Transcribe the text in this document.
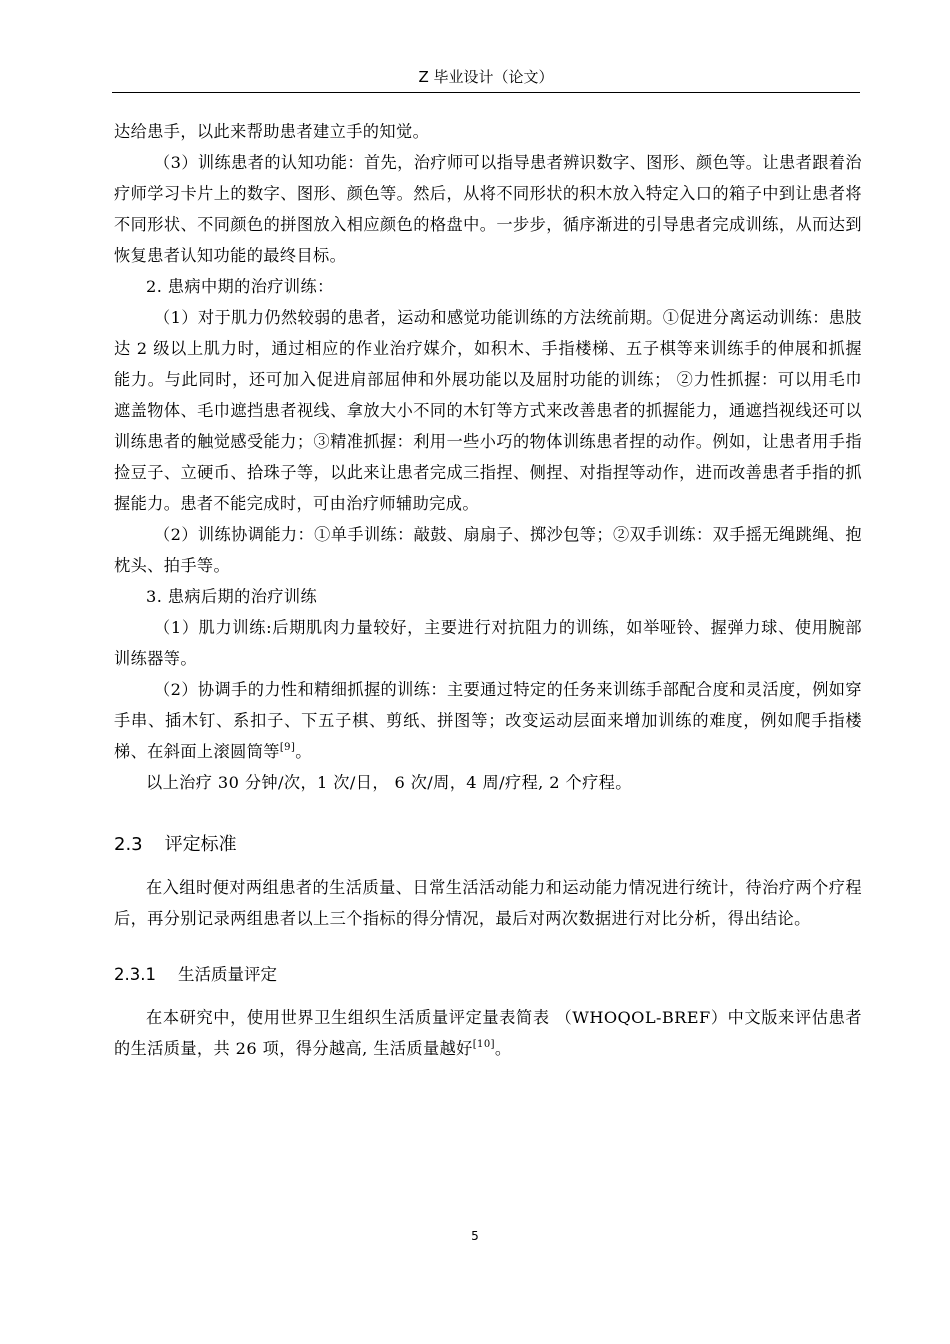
Z 毕业设计（论文）

达给患手，以此来帮助患者建立手的知觉。

（3）训练患者的认知功能：首先，治疗师可以指导患者辨识数字、图形、颜色等。让患者跟着治疗师学习卡片上的数字、图形、颜色等。然后，从将不同形状的积木放入特定入口的箱子中到让患者将不同形状、不同颜色的拼图放入相应颜色的格盘中。一步步，循序渐进的引导患者完成训练，从而达到恢复患者认知功能的最终目标。

2. 患病中期的治疗训练：

（1）对于肌力仍然较弱的患者，运动和感觉功能训练的方法统前期。①促进分离运动训练：患肢达 2 级以上肌力时，通过相应的作业治疗媒介，如积木、手指楼梯、五子棋等来训练手的伸展和抓握能力。与此同时，还可加入促进肩部屈伸和外展功能以及屈肘功能的训练； ②力性抓握：可以用毛巾遮盖物体、毛巾遮挡患者视线、拿放大小不同的木钉等方式来改善患者的抓握能力，通遮挡视线还可以训练患者的触觉感受能力；③精准抓握：利用一些小巧的物体训练患者捏的动作。例如，让患者用手指捡豆子、立硬币、拾珠子等，以此来让患者完成三指捏、侧捏、对指捏等动作，进而改善患者手指的抓握能力。患者不能完成时，可由治疗师辅助完成。

（2）训练协调能力：①单手训练：敲鼓、扇扇子、掷沙包等；②双手训练：双手摇无绳跳绳、抱枕头、拍手等。

3. 患病后期的治疗训练

（1）肌力训练:后期肌肉力量较好，主要进行对抗阻力的训练，如举哑铃、握弹力球、使用腕部训练器等。

（2）协调手的力性和精细抓握的训练：主要通过特定的任务来训练手部配合度和灵活度，例如穿手串、插木钉、系扣子、下五子棋、剪纸、拼图等；改变运动层面来增加训练的难度，例如爬手指楼梯、在斜面上滚圆筒等[9]。

以上治疗 30 分钟/次，1 次/日， 6 次/周，4 周/疗程, 2 个疗程。

2.3 评定标准

在入组时便对两组患者的生活质量、日常生活活动能力和运动能力情况进行统计，待治疗两个疗程后，再分别记录两组患者以上三个指标的得分情况，最后对两次数据进行对比分析，得出结论。

2.3.1 生活质量评定

在本研究中，使用世界卫生组织生活质量评定量表简表 （WHOQOL-BREF）中文版来评估患者的生活质量，共 26 项，得分越高, 生活质量越好[10]。

5
